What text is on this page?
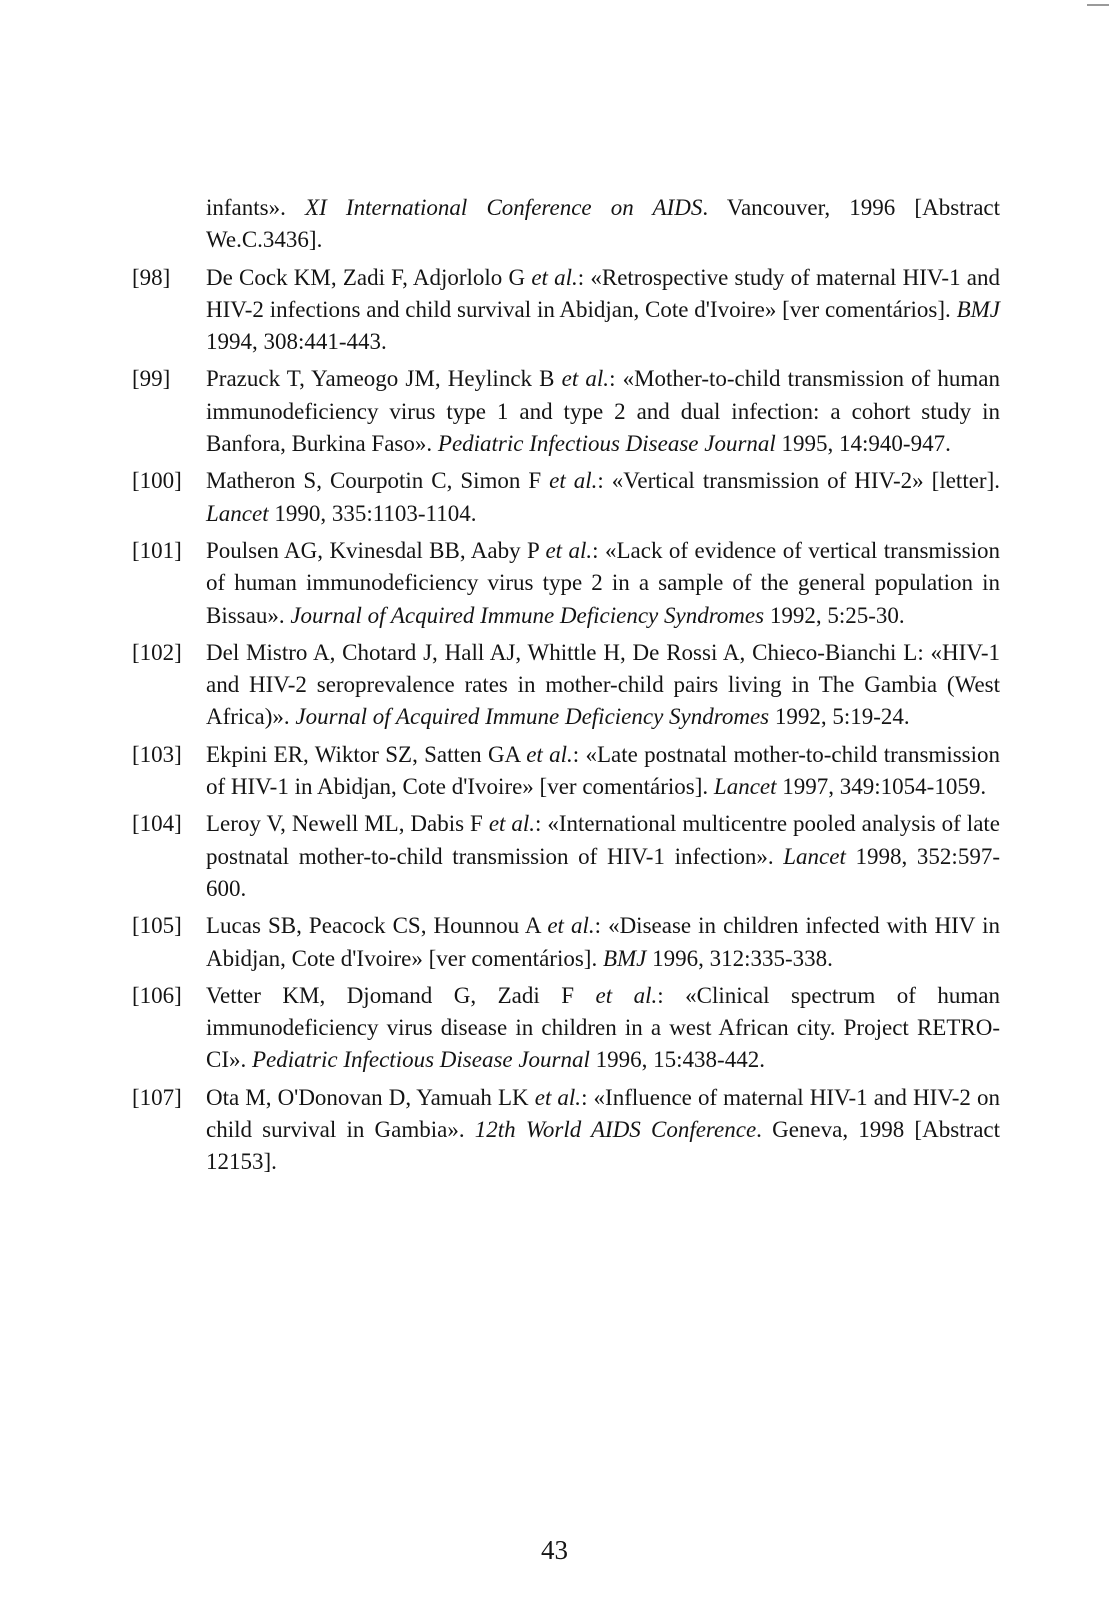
infants». XI International Conference on AIDS. Vancouver, 1996 [Abstract We.C.3436].
[98]	De Cock KM, Zadi F, Adjorlolo G et al.: «Retrospective study of maternal HIV-1 and HIV-2 infections and child survival in Abidjan, Cote d'Ivoire» [ver comentários]. BMJ 1994, 308:441-443.
[99]	Prazuck T, Yameogo JM, Heylinck B et al.: «Mother-to-child transmission of human immunodeficiency virus type 1 and type 2 and dual infection: a cohort study in Banfora, Burkina Faso». Pediatric Infectious Disease Journal 1995, 14:940-947.
[100]	Matheron S, Courpotin C, Simon F et al.: «Vertical transmission of HIV-2» [letter]. Lancet 1990, 335:1103-1104.
[101]	Poulsen AG, Kvinesdal BB, Aaby P et al.: «Lack of evidence of vertical transmission of human immunodeficiency virus type 2 in a sample of the general population in Bissau». Journal of Acquired Immune Deficiency Syndromes 1992, 5:25-30.
[102]	Del Mistro A, Chotard J, Hall AJ, Whittle H, De Rossi A, Chieco-Bianchi L: «HIV-1 and HIV-2 seroprevalence rates in mother-child pairs living in The Gambia (West Africa)». Journal of Acquired Immune Deficiency Syndromes 1992, 5:19-24.
[103]	Ekpini ER, Wiktor SZ, Satten GA et al.: «Late postnatal mother-to-child transmission of HIV-1 in Abidjan, Cote d'Ivoire» [ver comentários]. Lancet 1997, 349:1054-1059.
[104]	Leroy V, Newell ML, Dabis F et al.: «International multicentre pooled analysis of late postnatal mother-to-child transmission of HIV-1 infection». Lancet 1998, 352:597-600.
[105]	Lucas SB, Peacock CS, Hounnou A et al.: «Disease in children infected with HIV in Abidjan, Cote d'Ivoire» [ver comentários]. BMJ 1996, 312:335-338.
[106]	Vetter KM, Djomand G, Zadi F et al.: «Clinical spectrum of human immunodeficiency virus disease in children in a west African city. Project RETRO-CI». Pediatric Infectious Disease Journal 1996, 15:438-442.
[107]	Ota M, O'Donovan D, Yamuah LK et al.: «Influence of maternal HIV-1 and HIV-2 on child survival in Gambia». 12th World AIDS Conference. Geneva, 1998 [Abstract 12153].
43
